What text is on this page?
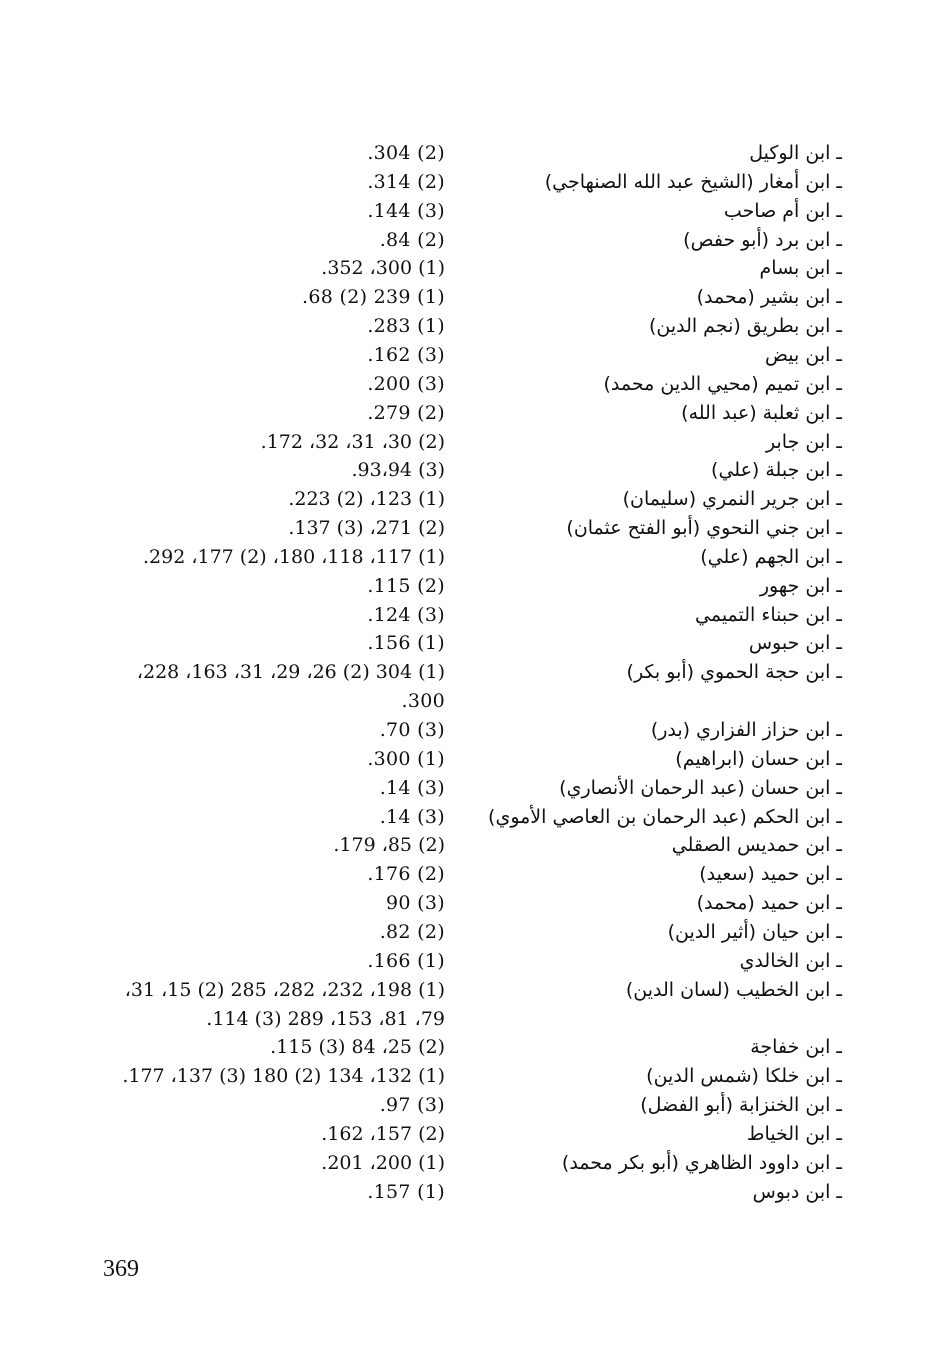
ـ ابن الوكيل
(2) 304.
ـ ابن أمغار (الشيخ عبد الله الصنهاجي)
(2) 314.
ـ ابن أم صاحب
(3) 144.
ـ ابن برد (أبو حفص)
(2) 84.
ـ ابن بسام
(1) 300، 352.
ـ ابن بشير (محمد)
(1) 239 (2) 68.
ـ ابن بطريق (نجم الدين)
(1) 283.
ـ ابن بيض
(3) 162.
ـ ابن تميم (محيي الدين محمد)
(3) 200.
ـ ابن ثعلبة (عبد الله)
(2) 279.
ـ ابن جابر
(2) 30، 31، 32، 172.
ـ ابن جبلة (علي)
(3) 93،94.
ـ ابن جرير النمري (سليمان)
(1) 123، (2) 223.
ـ ابن جني النحوي (أبو الفتح عثمان)
(2) 271، (3) 137.
ـ ابن الجهم (علي)
(1) 117، 118، 180، (2) 177، 292.
ـ ابن جهور
(2) 115.
ـ ابن حبناء التميمي
(3) 124.
ـ ابن حبوس
(1) 156.
ـ ابن حجة الحموي (أبو بكر)
(1) 304 (2) 26، 29، 31، 163، 228،
300.
ـ ابن حزاز الفزاري (بدر)
(3) 70.
ـ ابن حسان (ابراهيم)
(1) 300.
ـ ابن حسان (عبد الرحمان الأنصاري)
(3) 14.
ـ ابن الحكم (عبد الرحمان بن العاصي الأموي)
(3) 14.
ـ ابن حمديس الصقلي
(2) 85، 179.
ـ ابن حميد (سعيد)
(2) 176.
ـ ابن حميد (محمد)
(3) 90
ـ ابن حيان (أثير الدين)
(2) 82.
ـ ابن الخالدي
(1) 166.
ـ ابن الخطيب (لسان الدين)
(1) 198، 232، 282، 285 (2) 15، 31،
79، 81، 153، 289 (3) 114.
ـ ابن خفاجة
(2) 25، 84 (3) 115.
ـ ابن خلكا (شمس الدين)
(1) 132، 134 (2) 180 (3) 137، 177.
ـ ابن الخنزابة (أبو الفضل)
(3) 97.
ـ ابن الخياط
(2) 157، 162.
ـ ابن داوود الظاهري (أبو بكر محمد)
(1) 200، 201.
ـ ابن دبوس
(1) 157.
369
